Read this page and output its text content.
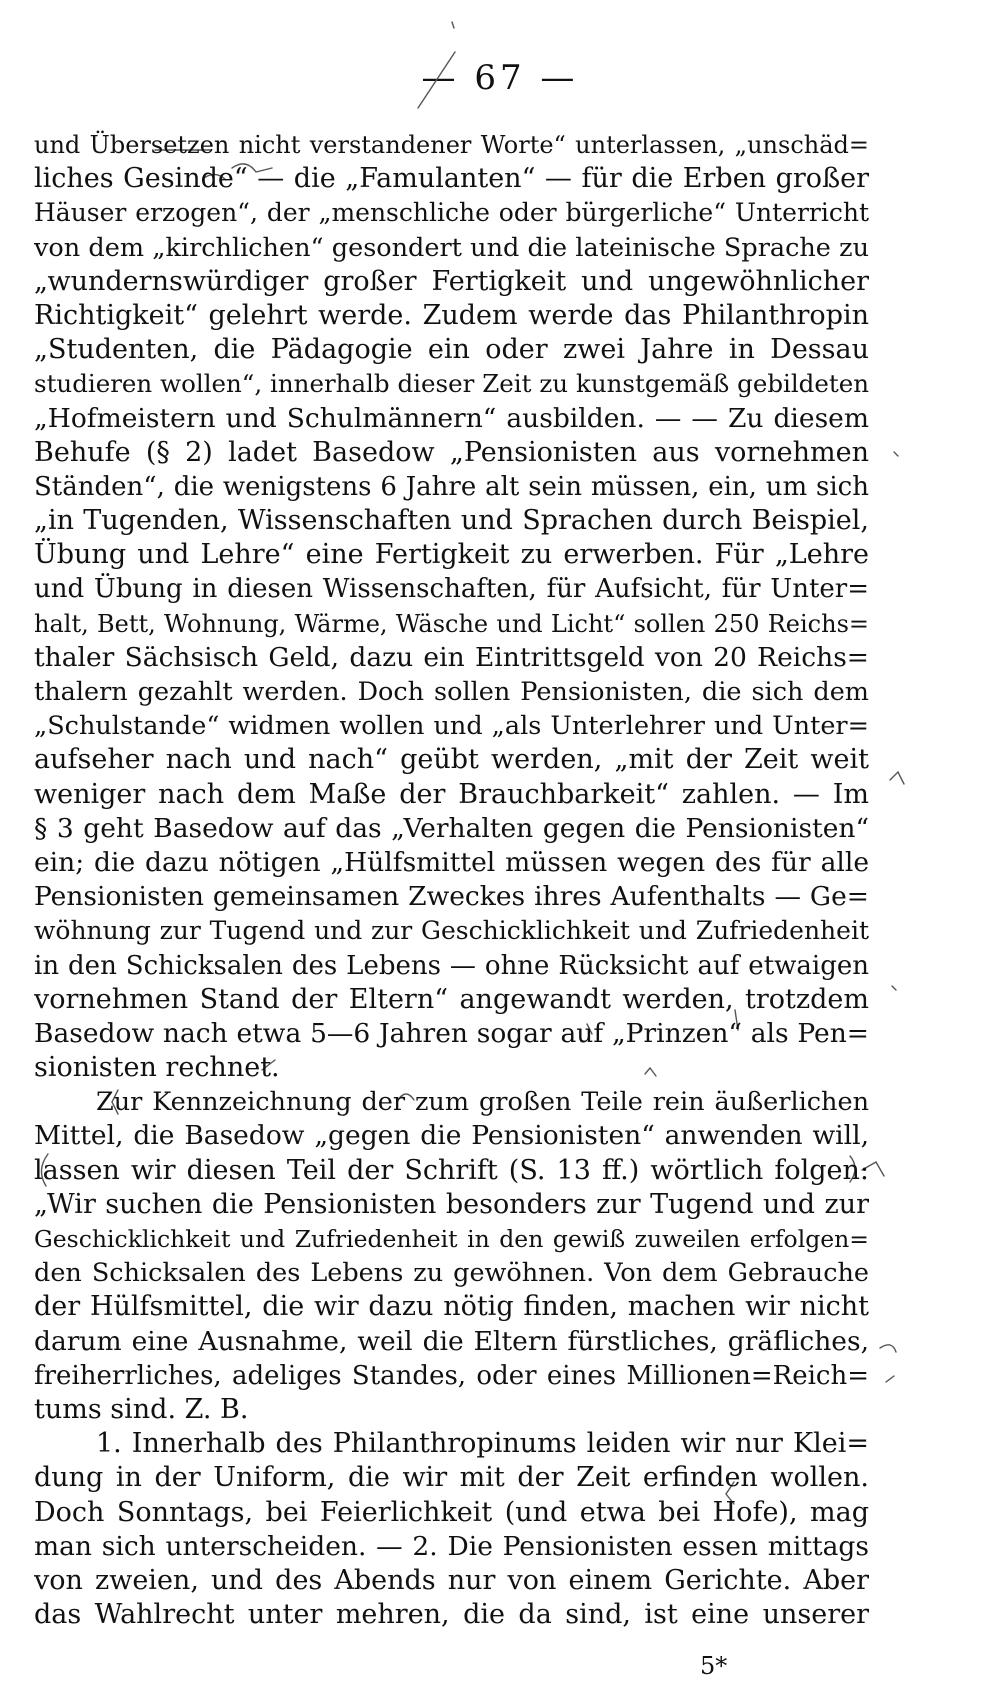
— 67 —
und Übersetzen nicht verstandener Worte“ unterlassen, „unschäd=
liches Gesinde“ — die „Famulanten“ — für die Erben großer
Häuser erzogen“, der „menschliche oder bürgerliche“ Unterricht
von dem „kirchlichen“ gesondert und die lateinische Sprache zu
„wundernswürdiger großer Fertigkeit und ungewöhnlicher
Richtigkeit“ gelehrt werde. Zudem werde das Philanthropin
„Studenten, die Pädagogie ein oder zwei Jahre in Dessau
studieren wollen“, innerhalb dieser Zeit zu kunstgemäß gebildeten
„Hofmeistern und Schulmännern“ ausbilden. — — Zu diesem
Behufe (§ 2) ladet Basedow „Pensionisten aus vornehmen
Ständen“, die wenigstens 6 Jahre alt sein müssen, ein, um sich
„in Tugenden, Wissenschaften und Sprachen durch Beispiel,
Übung und Lehre“ eine Fertigkeit zu erwerben. Für „Lehre
und Übung in diesen Wissenschaften, für Aufsicht, für Unter=
halt, Bett, Wohnung, Wärme, Wäsche und Licht“ sollen 250 Reichs=
thaler Sächsisch Geld, dazu ein Eintrittsgeld von 20 Reichs=
thalern gezahlt werden. Doch sollen Pensionisten, die sich dem
„Schulstande“ widmen wollen und „als Unterlehrer und Unter=
aufseher nach und nach“ geübt werden, „mit der Zeit weit
weniger nach dem Maße der Brauchbarkeit“ zahlen. — Im
§ 3 geht Basedow auf das „Verhalten gegen die Pensionisten“
ein; die dazu nötigen „Hülfsmittel müssen wegen des für alle
Pensionisten gemeinsamen Zweckes ihres Aufenthalts — Ge=
wöhnung zur Tugend und zur Geschicklichkeit und Zufriedenheit
in den Schicksalen des Lebens — ohne Rücksicht auf etwaigen
vornehmen Stand der Eltern“ angewandt werden, trotzdem
Basedow nach etwa 5—6 Jahren sogar auf „Prinzen“ als Pen=
sionisten rechnet.
Zur Kennzeichnung der zum großen Teile rein äußerlichen
Mittel, die Basedow „gegen die Pensionisten“ anwenden will,
lassen wir diesen Teil der Schrift (S. 13 ff.) wörtlich folgen:
„Wir suchen die Pensionisten besonders zur Tugend und zur
Geschicklichkeit und Zufriedenheit in den gewiß zuweilen erfolgen=
den Schicksalen des Lebens zu gewöhnen. Von dem Gebrauche
der Hülfsmittel, die wir dazu nötig finden, machen wir nicht
darum eine Ausnahme, weil die Eltern fürstliches, gräfliches,
freiherrliches, adeliges Standes, oder eines Millionen=Reich=
tums sind. Z. B.
1. Innerhalb des Philanthropinums leiden wir nur Klei=
dung in der Uniform, die wir mit der Zeit erfinden wollen.
Doch Sonntags, bei Feierlichkeit (und etwa bei Hofe), mag
man sich unterscheiden. — 2. Die Pensionisten essen mittags
von zweien, und des Abends nur von einem Gerichte. Aber
das Wahlrecht unter mehren, die da sind, ist eine unserer
5*
